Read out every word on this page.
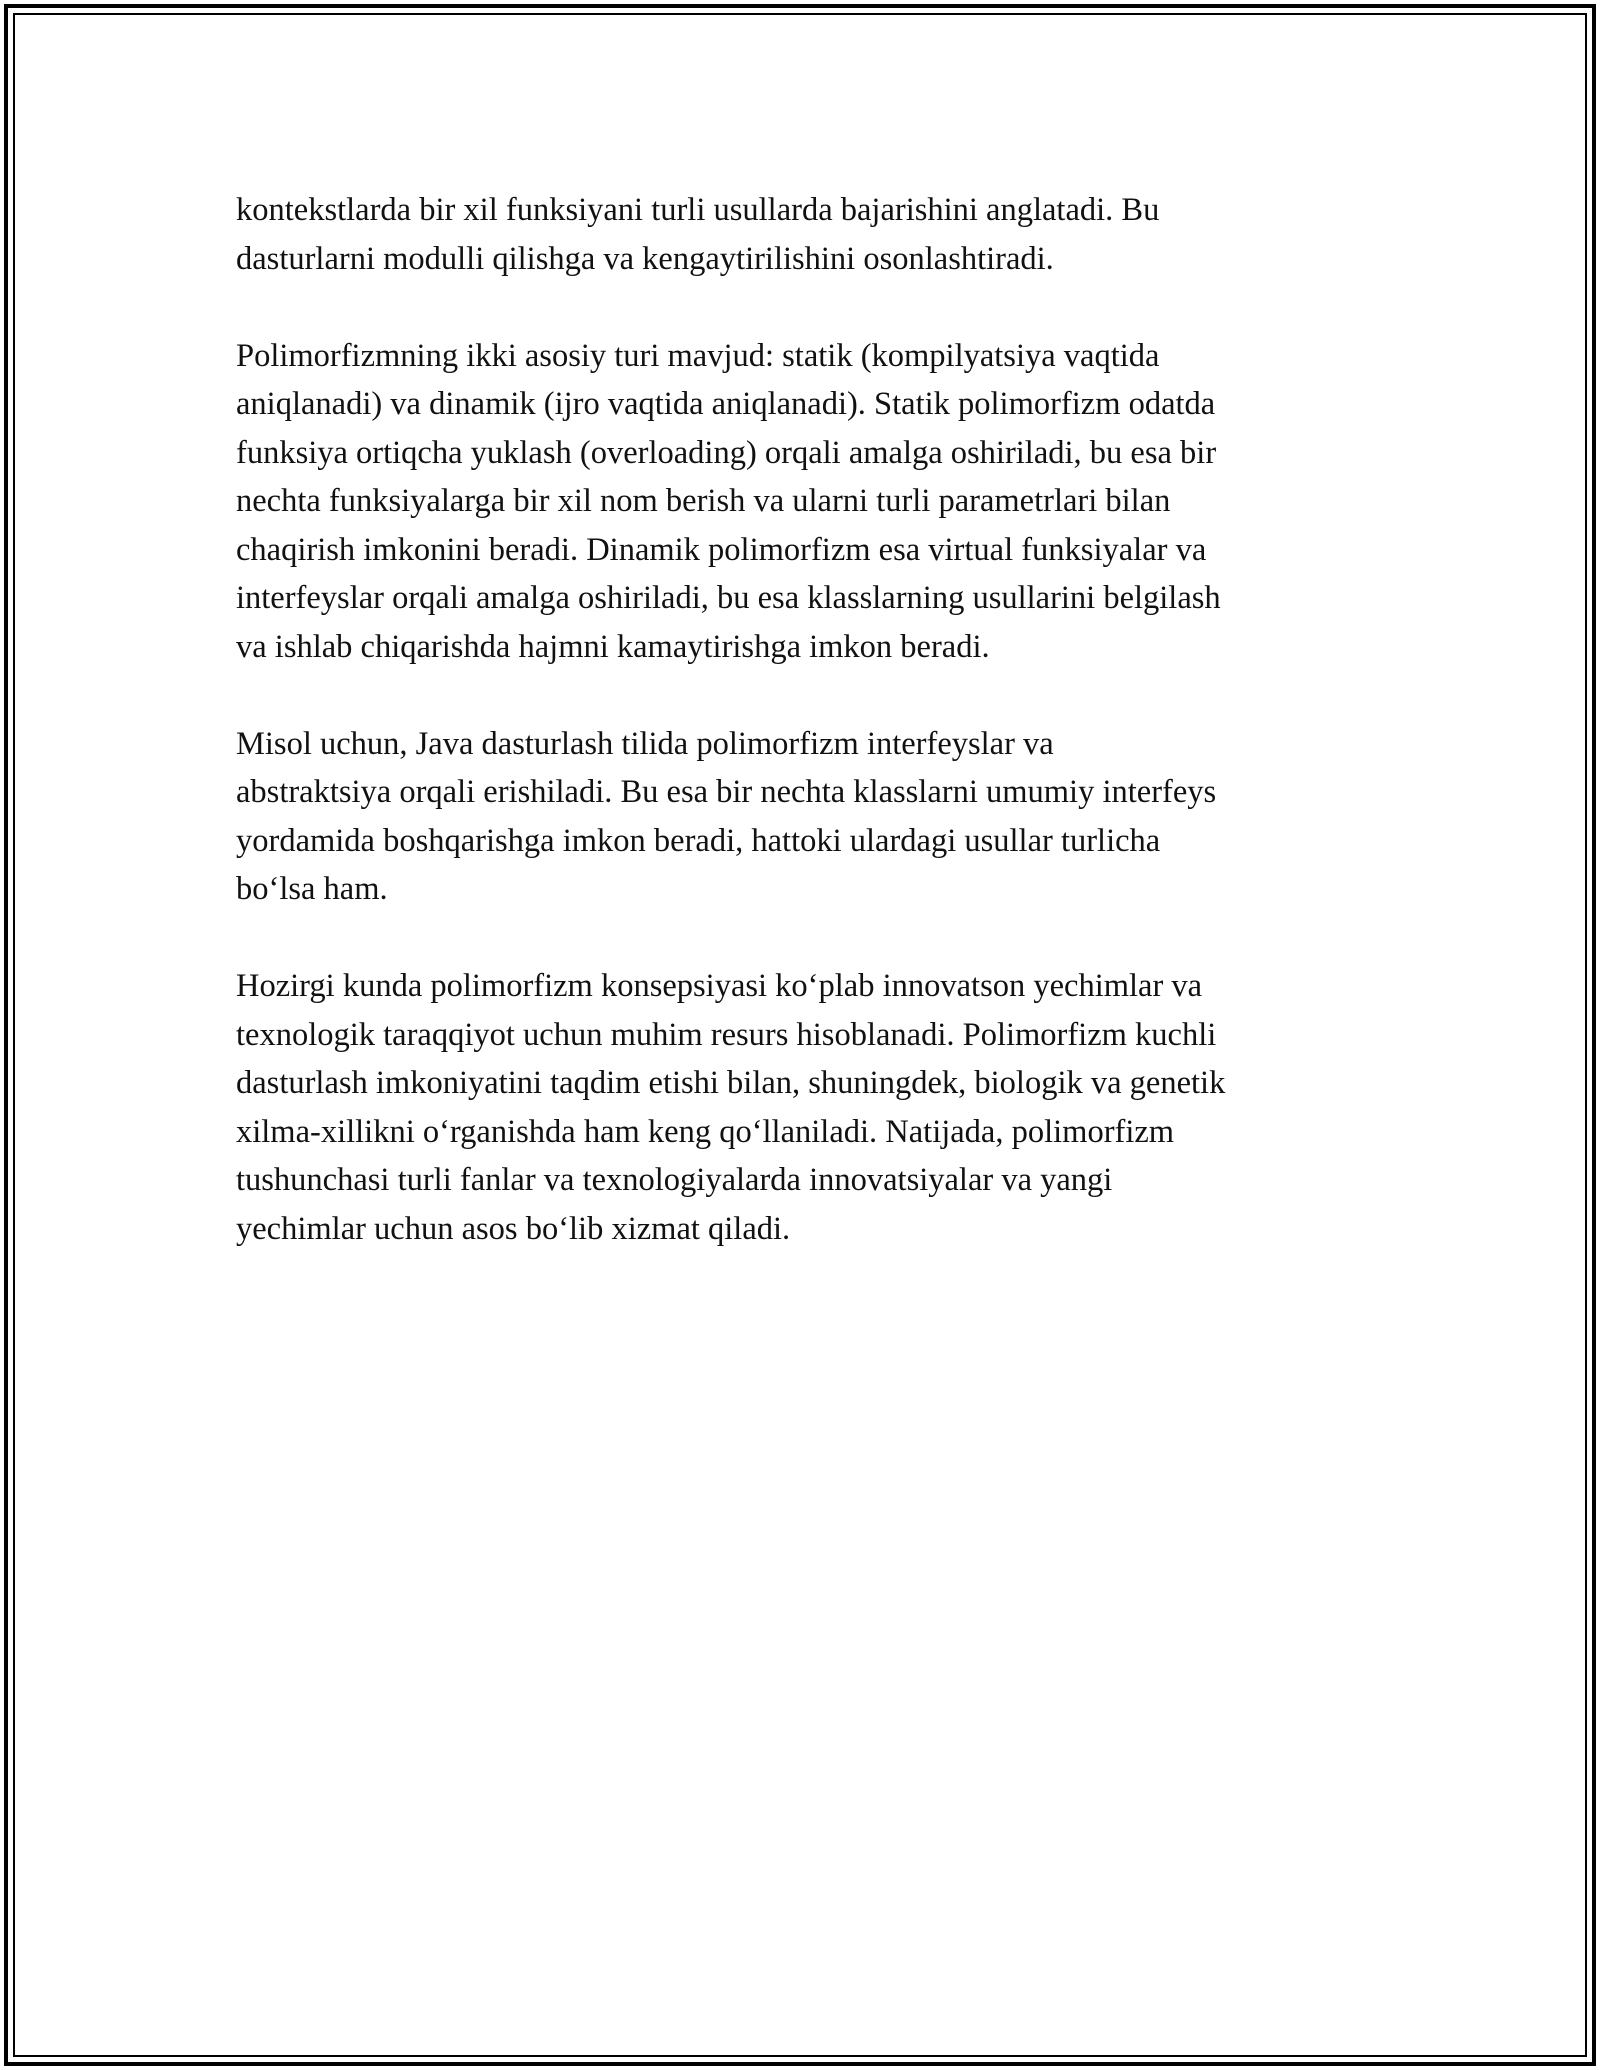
kontekstlarda bir xil funksiyani turli usullarda bajarishini anglatadi. Bu
dasturlarni modulli qilishga va kengaytirilishini osonlashtiradi.

Polimorfizmning ikki asosiy turi mavjud: statik (kompilyatsiya vaqtida
aniqlanadi) va dinamik (ijro vaqtida aniqlanadi). Statik polimorfizm odatda
funksiya ortiqcha yuklash (overloading) orqali amalga oshiriladi, bu esa bir
nechta funksiyalarga bir xil nom berish va ularni turli parametrlari bilan
chaqirish imkonini beradi. Dinamik polimorfizm esa virtual funksiyalar va
interfeyslar orqali amalga oshiriladi, bu esa klasslarning usullarini belgilash
va ishlab chiqarishda hajmni kamaytirishga imkon beradi.

Misol uchun, Java dasturlash tilida polimorfizm interfeyslar va
abstraktsiya orqali erishiladi. Bu esa bir nechta klasslarni umumiy interfeys
yordamida boshqarishga imkon beradi, hattoki ulardagi usullar turlicha
bo‘lsa ham.

Hozirgi kunda polimorfizm konsepsiyasi ko‘plab innovatson yechimlar va
texnologik taraqqiyot uchun muhim resurs hisoblanadi. Polimorfizm kuchli
dasturlash imkoniyatini taqdim etishi bilan, shuningdek, biologik va genetik
xilma-xillikni o‘rganishda ham keng qo‘llaniladi. Natijada, polimorfizm
tushunchasi turli fanlar va texnologiyalarda innovatsiyalar va yangi
yechimlar uchun asos bo‘lib xizmat qiladi.
